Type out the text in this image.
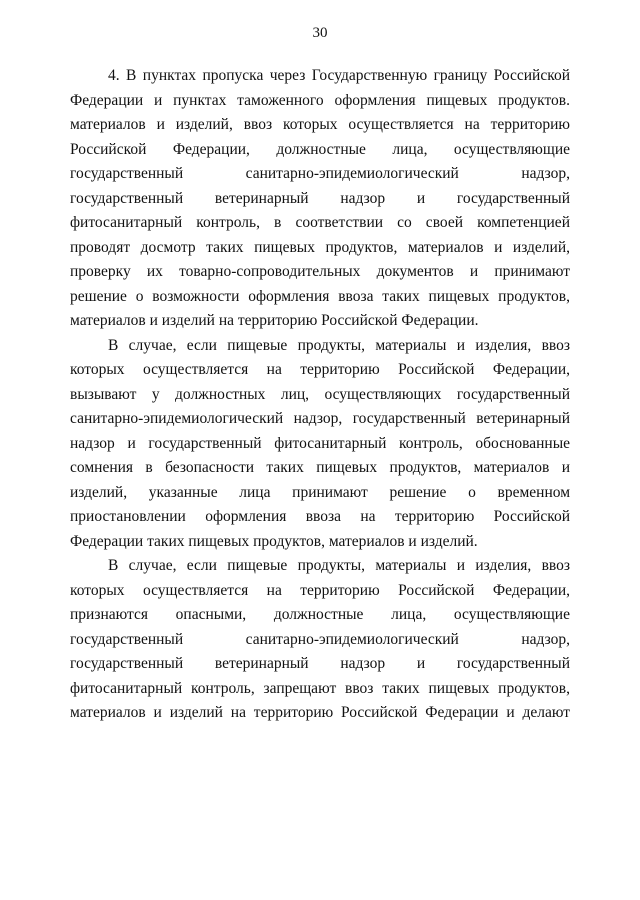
30
4. В пунктах пропуска через Государственную границу Российской
Федерации и пунктах таможенного оформления пищевых продуктов.
материалов и изделий, ввоз которых осуществляется на территорию
Российской Федерации, должностные лица, осуществляющие
государственный санитарно-эпидемиологический надзор,
государственный ветеринарный надзор и государственный
фитосанитарный контроль, в соответствии со своей компетенцией
проводят досмотр таких пищевых продуктов, материалов и изделий,
проверку их товарно-сопроводительных документов и принимают
решение о возможности оформления ввоза таких пищевых продуктов,
материалов и изделий на территорию Российской Федерации.
В случае, если пищевые продукты, материалы и изделия, ввоз
которых осуществляется на территорию Российской Федерации,
вызывают у должностных лиц, осуществляющих государственный
санитарно-эпидемиологический надзор, государственный ветеринарный
надзор и государственный фитосанитарный контроль, обоснованные
сомнения в безопасности таких пищевых продуктов, материалов и
изделий, указанные лица принимают решение о временном
приостановлении оформления ввоза на территорию Российской
Федерации таких пищевых продуктов, материалов и изделий.
В случае, если пищевые продукты, материалы и изделия, ввоз
которых осуществляется на территорию Российской Федерации,
признаются опасными, должностные лица, осуществляющие
государственный санитарно-эпидемиологический надзор,
государственный ветеринарный надзор и государственный
фитосанитарный контроль, запрещают ввоз таких пищевых продуктов,
материалов и изделий на территорию Российской Федерации и делают
